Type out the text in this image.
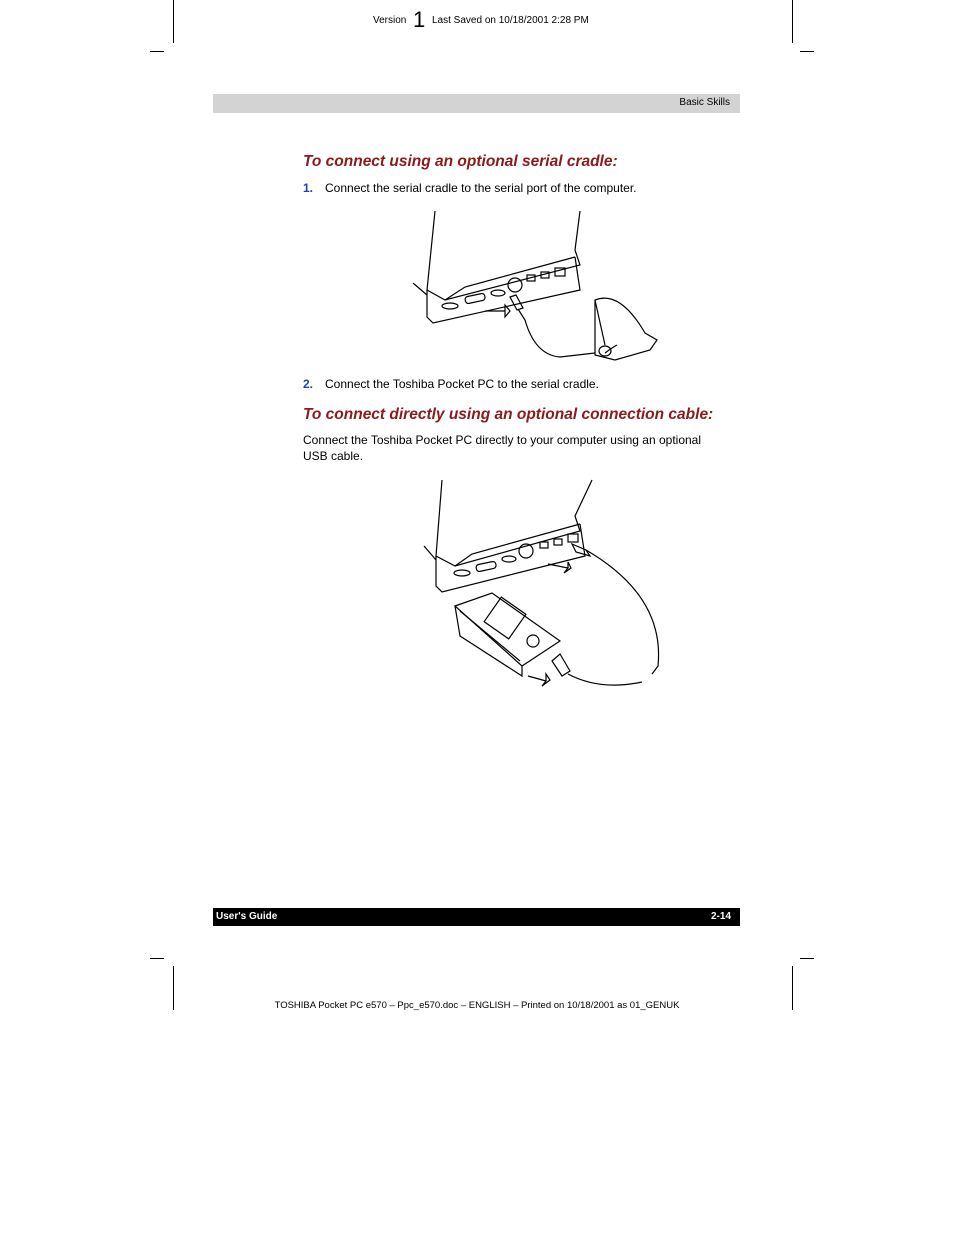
Version 1 Last Saved on 10/18/2001 2:28 PM
Basic Skills
To connect using an optional serial cradle:
1. Connect the serial cradle to the serial port of the computer.
2. Connect the Toshiba Pocket PC to the serial cradle.
To connect directly using an optional connection cable:
Connect the Toshiba Pocket PC directly to your computer using an optional USB cable.
User's Guide	2-14
TOSHIBA Pocket PC e570 – Ppc_e570.doc – ENGLISH – Printed on 10/18/2001 as 01_GENUK
